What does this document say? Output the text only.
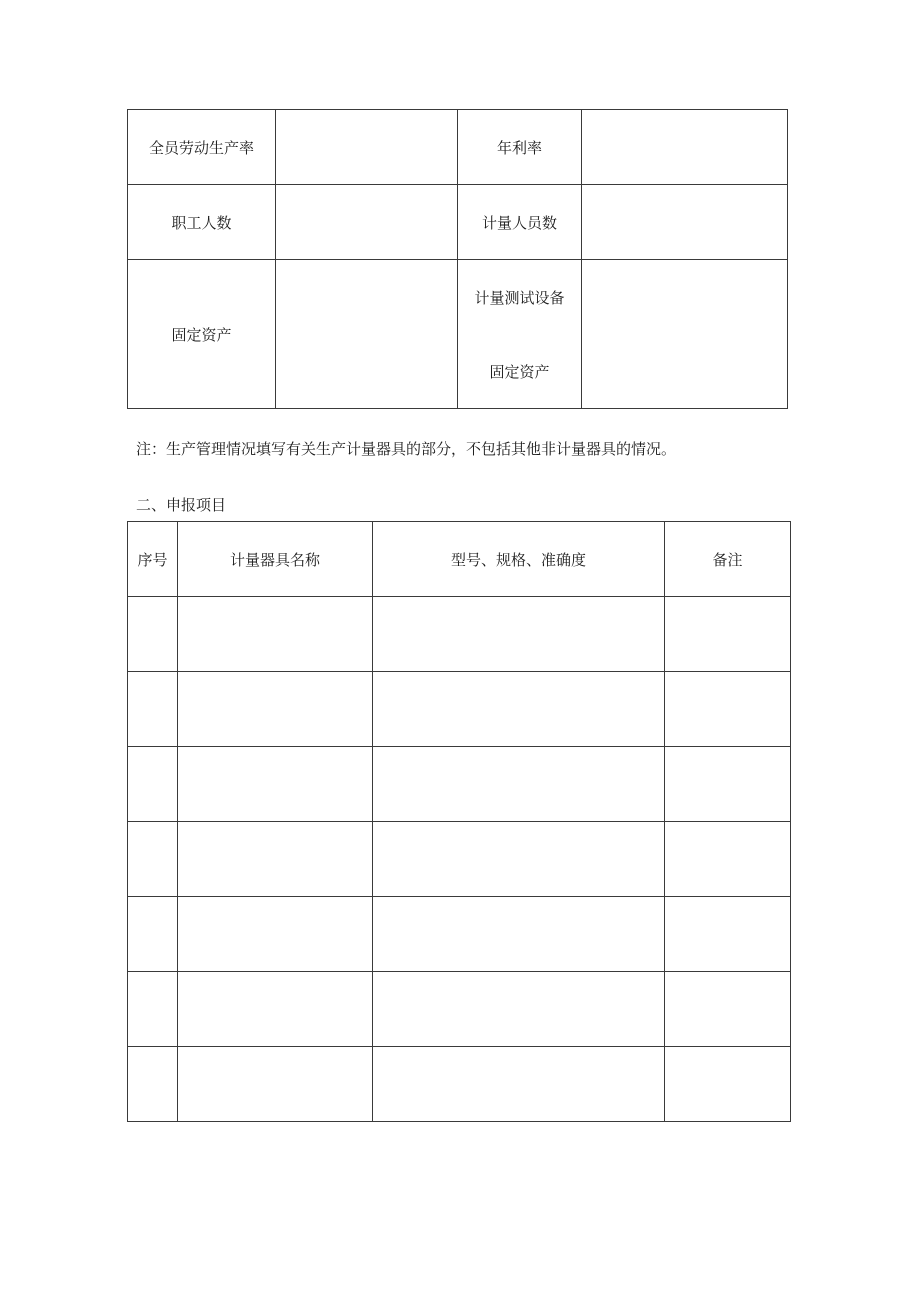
全员劳动生产率		年利率	
职工人数		计量人员数	
固定资产		计量测试设备
固定资产	

注：生产管理情况填写有关生产计量器具的部分，不包括其他非计量器具的情况。
二、申报项目
序号	计量器具名称	型号、规格、准确度	备注
